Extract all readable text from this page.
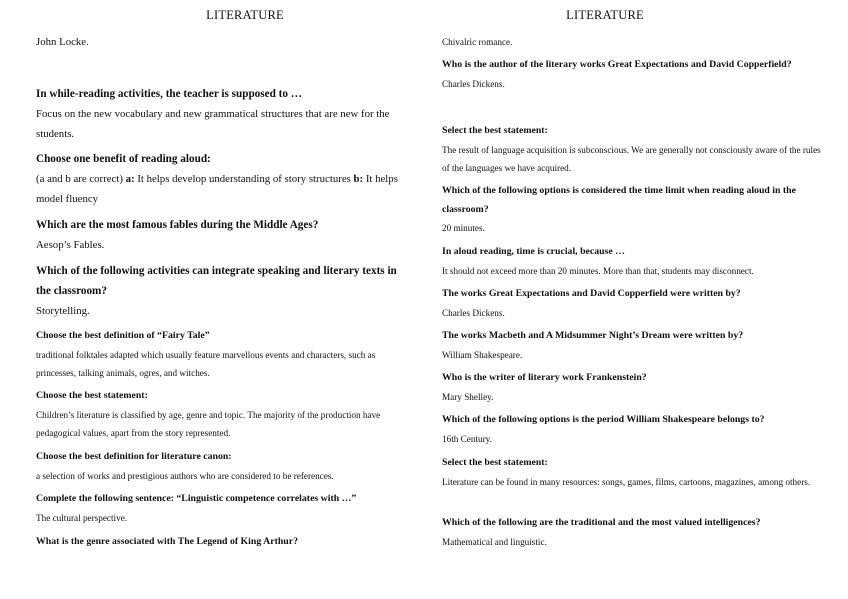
LITERATURE	LITERATURE

John Locke.

In while-reading activities, the teacher is supposed to …

Focus on the new vocabulary and new grammatical structures that are new for the students.

Choose one benefit of reading aloud:

(a and b are correct) a: It helps develop understanding of story structures b: It helps model fluency

Which are the most famous fables during the Middle Ages?

Aesop’s Fables.

Which of the following activities can integrate speaking and literary texts in the classroom?

Storytelling.

Choose the best definition of “Fairy Tale”

traditional folktales adapted which usually feature marvellous events and characters, such as princesses, talking animals, ogres, and witches.

Choose the best statement:

Children’s literature is classified by age, genre and topic. The majority of the production have pedagogical values, apart from the story represented.

Choose the best definition for literature canon:

a selection of works and prestigious authors who are considered to be references.

Complete the following sentence: “Linguistic competence correlates with …”

The cultural perspective.

What is the genre associated with The Legend of King Arthur?

Chivalric romance.

Who is the author of the literary works Great Expectations and David Copperfield?

Charles Dickens.

Select the best statement:

The result of language acquisition is subconscious. We are generally not consciously aware of the rules of the languages we have acquired.

Which of the following options is considered the time limit when reading aloud in the classroom?

20 minutes.

In aloud reading, time is crucial, because …

It should not exceed more than 20 minutes. More than that, students may disconnect.

The works Great Expectations and David Copperfield were written by?

Charles Dickens.

The works Macbeth and A Midsummer Night’s Dream were written by?

William Shakespeare.

Who is the writer of literary work Frankenstein?

Mary Shelley.

Which of the following options is the period William Shakespeare belongs to?

16th Century.

Select the best statement:

Literature can be found in many resources: songs, games, films, cartoons, magazines, among others.

Which of the following are the traditional and the most valued intelligences?

Mathematical and linguistic.
